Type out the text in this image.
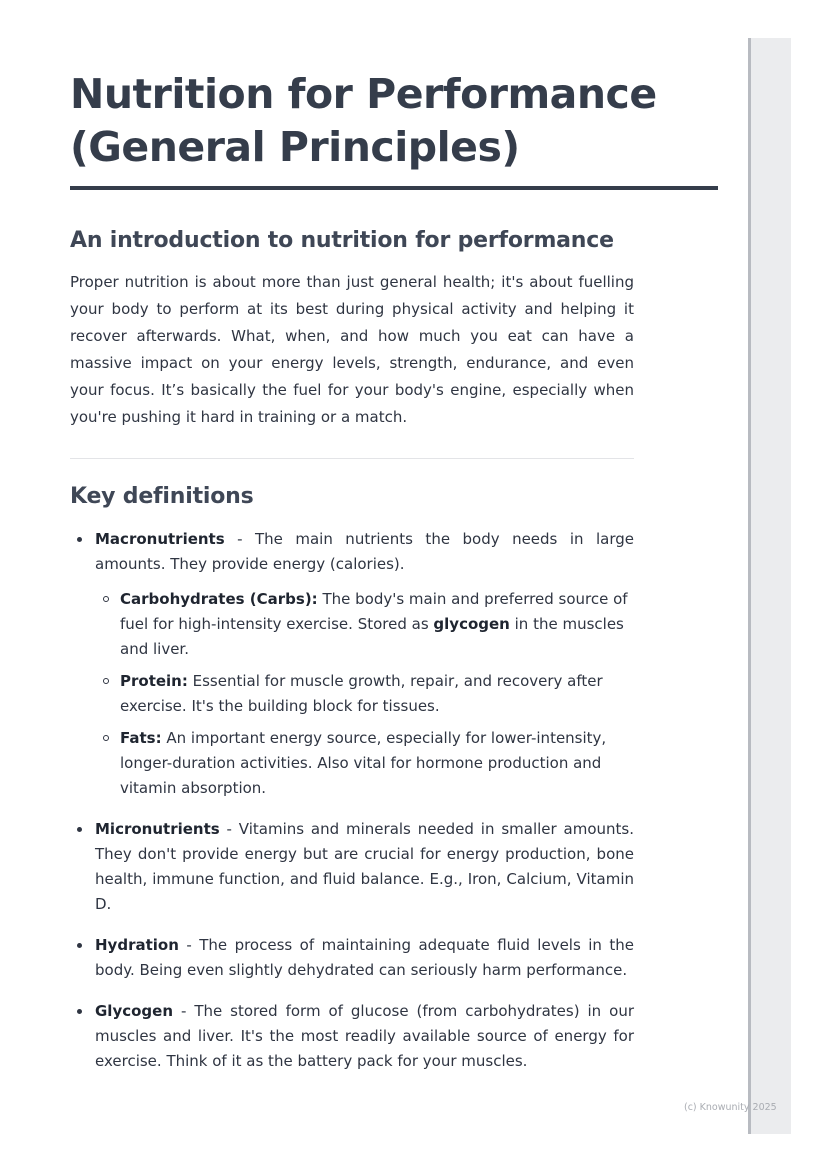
Nutrition for Performance (General Principles)
An introduction to nutrition for performance

Proper nutrition is about more than just general health; it's about fuelling your body to perform at its best during physical activity and helping it recover afterwards. What, when, and how much you eat can have a massive impact on your energy levels, strength, endurance, and even your focus. It’s basically the fuel for your body's engine, especially when you're pushing it hard in training or a match.

Key definitions
Macronutrients - The main nutrients the body needs in large amounts. They provide energy (calories).
Carbohydrates (Carbs): The body's main and preferred source of fuel for high-intensity exercise. Stored as glycogen in the muscles and liver.
Protein: Essential for muscle growth, repair, and recovery after exercise. It's the building block for tissues.
Fats: An important energy source, especially for lower-intensity, longer-duration activities. Also vital for hormone production and vitamin absorption.
Micronutrients - Vitamins and minerals needed in smaller amounts. They don't provide energy but are crucial for energy production, bone health, immune function, and fluid balance. E.g., Iron, Calcium, Vitamin D.
Hydration - The process of maintaining adequate fluid levels in the body. Being even slightly dehydrated can seriously harm performance.
Glycogen - The stored form of glucose (from carbohydrates) in our muscles and liver. It's the most readily available source of energy for exercise. Think of it as the battery pack for your muscles.
(c) Knowunity 2025
